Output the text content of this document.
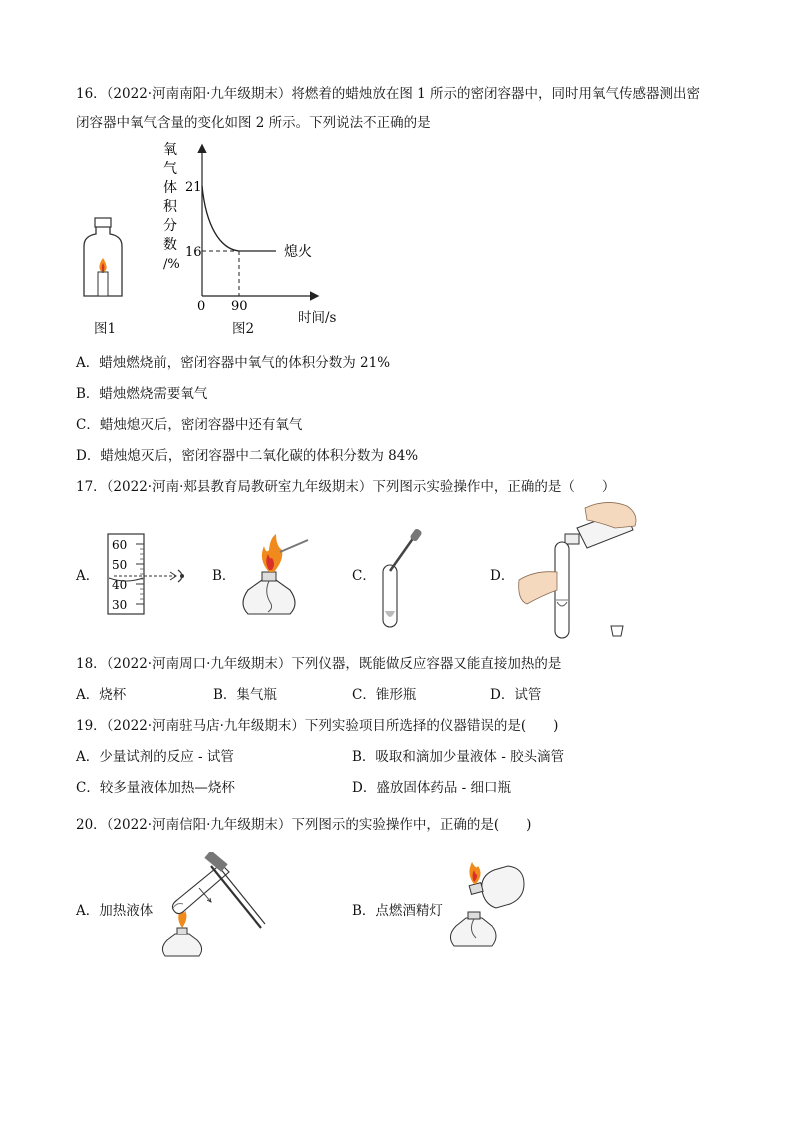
16．（2022·河南南阳·九年级期末）将燃着的蜡烛放在图 1 所示的密闭容器中，同时用氧气传感器测出密
闭容器中氧气含量的变化如图 2 所示。下列说法不正确的是
图1
氧
气
体
积
分
数
/%
16
21
0 90
熄火
时间/s
图2
A．蜡烛燃烧前，密闭容器中氧气的体积分数为 21%
B．蜡烛燃烧需要氧气
C．蜡烛熄灭后，密闭容器中还有氧气
D．蜡烛熄灭后，密闭容器中二氧化碳的体积分数为 84%
17．（2022·河南·郏县教育局教研室九年级期末）下列图示实验操作中，正确的是（　　）
A．
60
50
40
30
B．	C．	D．
18．（2022·河南周口·九年级期末）下列仪器，既能做反应容器又能直接加热的是
A．烧杯	B．集气瓶	C．锥形瓶	D．试管
19．（2022·河南驻马店·九年级期末）下列实验项目所选择的仪器错误的是(　　)
A．少量试剂的反应 - 试管	B．吸取和滴加少量液体 - 胶头滴管
C．较多量液体加热—烧杯	D．盛放固体药品 - 细口瓶
20．（2022·河南信阳·九年级期末）下列图示的实验操作中，正确的是(　　)
A．加热液体	B．点燃酒精灯
